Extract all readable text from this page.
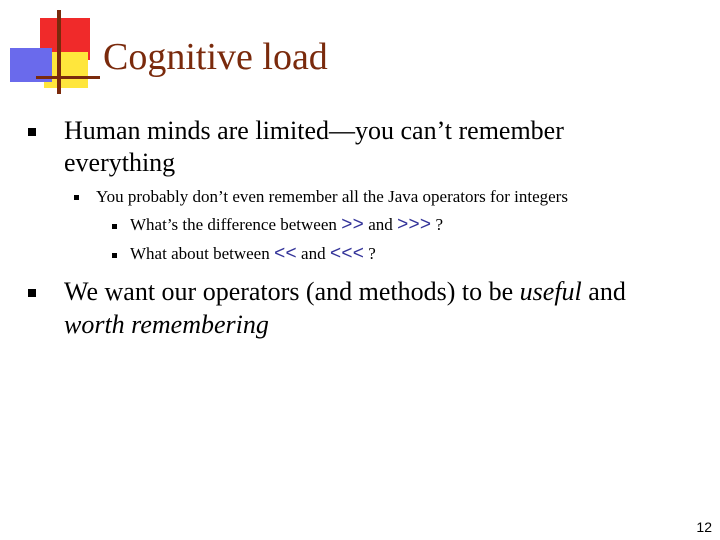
Cognitive load
Human minds are limited—you can’t remember
everything
You probably don’t even remember all the Java operators for integers
What’s the difference between >> and >>> ?
What about between << and <<< ?
We want our operators (and methods) to be useful and
worth remembering
12
